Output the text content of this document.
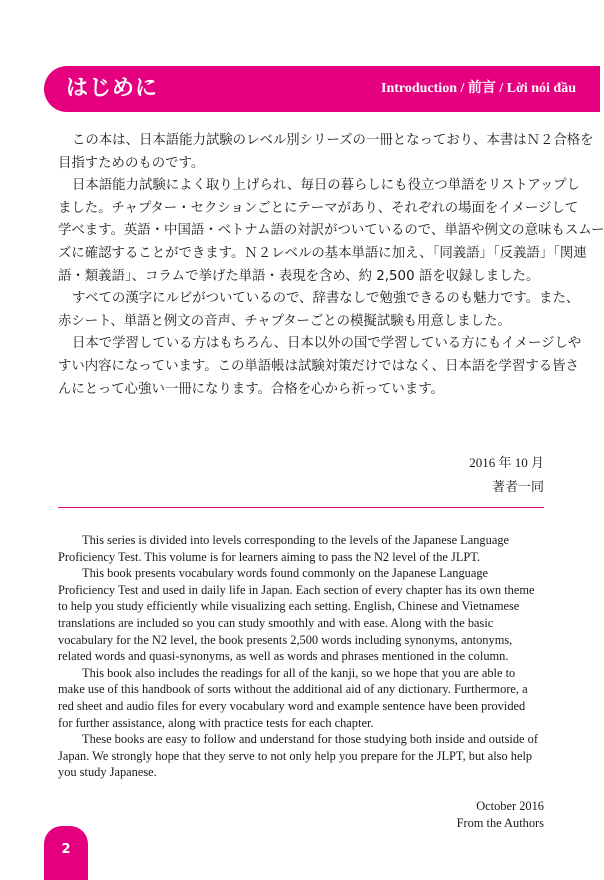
はじめに	Introduction / 前言 / Lời nói đầu
この本は、日本語能力試験のレベル別シリーズの一冊となっており、本書はＮ２合格を
目指すためのものです。
日本語能力試験によく取り上げられ、毎日の暮らしにも役立つ単語をリストアップし
ました。チャプター・セクションごとにテーマがあり、それぞれの場面をイメージして
学べます。英語・中国語・ベトナム語の対訳がついているので、単語や例文の意味もスムー
ズに確認することができます。Ｎ２レベルの基本単語に加え、「同義語」「反義語」「関連
語・類義語」、コラムで挙げた単語・表現を含め、約 2,500 語を収録しました。
すべての漢字にルビがついているので、辞書なしで勉強できるのも魅力です。また、
赤シート、単語と例文の音声、チャプターごとの模擬試験も用意しました。
日本で学習している方はもちろん、日本以外の国で学習している方にもイメージしや
すい内容になっています。この単語帳は試験対策だけではなく、日本語を学習する皆さ
んにとって心強い一冊になります。合格を心から祈っています。
2016 年 10 月
著者一同
This series is divided into levels corresponding to the levels of the Japanese Language
Proficiency Test. This volume is for learners aiming to pass the N2 level of the JLPT.
This book presents vocabulary words found commonly on the Japanese Language
Proficiency Test and used in daily life in Japan. Each section of every chapter has its own theme
to help you study efficiently while visualizing each setting. English, Chinese and Vietnamese
translations are included so you can study smoothly and with ease. Along with the basic
vocabulary for the N2 level, the book presents 2,500 words including synonyms, antonyms,
related words and quasi-synonyms, as well as words and phrases mentioned in the column.
This book also includes the readings for all of the kanji, so we hope that you are able to
make use of this handbook of sorts without the additional aid of any dictionary. Furthermore, a
red sheet and audio files for every vocabulary word and example sentence have been provided
for further assistance, along with practice tests for each chapter.
These books are easy to follow and understand for those studying both inside and outside of
Japan. We strongly hope that they serve to not only help you prepare for the JLPT, but also help
you study Japanese.
October 2016
From the Authors
2
